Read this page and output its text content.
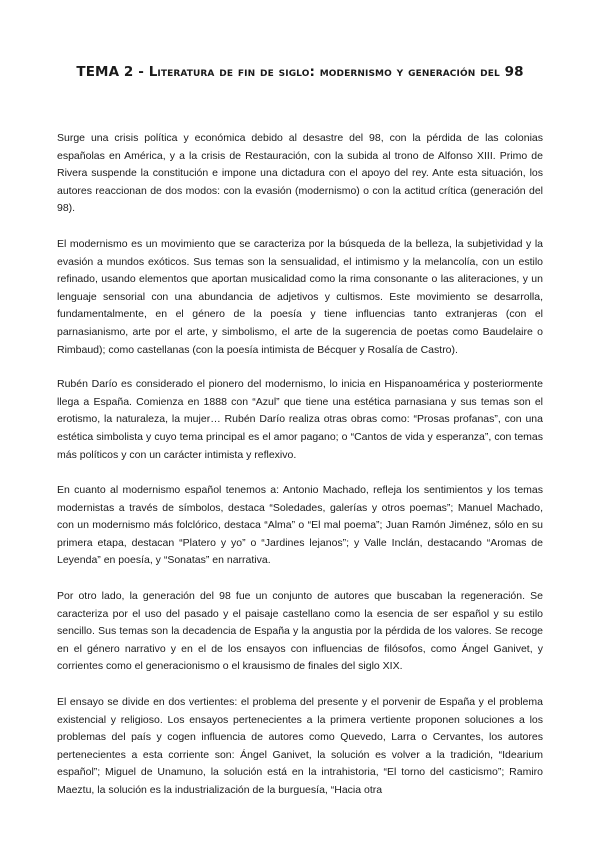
TEMA 2 - Literatura de fin de siglo: modernismo y generación del 98

Surge una crisis política y económica debido al desastre del 98, con la pérdida de las colonias españolas en América, y a la crisis de Restauración, con la subida al trono de Alfonso XIII. Primo de Rivera suspende la constitución e impone una dictadura con el apoyo del rey. Ante esta situación, los autores reaccionan de dos modos: con la evasión (modernismo) o con la actitud crítica (generación del 98).

El modernismo es un movimiento que se caracteriza por la búsqueda de la belleza, la subjetividad y la evasión a mundos exóticos. Sus temas son la sensualidad, el intimismo y la melancolía, con un estilo refinado, usando elementos que aportan musicalidad como la rima consonante o las aliteraciones, y un lenguaje sensorial con una abundancia de adjetivos y cultismos. Este movimiento se desarrolla, fundamentalmente, en el género de la poesía y tiene influencias tanto extranjeras (con el parnasianismo, arte por el arte, y simbolismo, el arte de la sugerencia de poetas como Baudelaire o Rimbaud); como castellanas (con la poesía intimista de Bécquer y Rosalía de Castro).

Rubén Darío es considerado el pionero del modernismo, lo inicia en Hispanoamérica y posteriormente llega a España. Comienza en 1888 con “Azul” que tiene una estética parnasiana y sus temas son el erotismo, la naturaleza, la mujer… Rubén Darío realiza otras obras como: “Prosas profanas”, con una estética simbolista y cuyo tema principal es el amor pagano; o “Cantos de vida y esperanza”, con temas más políticos y con un carácter intimista y reflexivo.

En cuanto al modernismo español tenemos a: Antonio Machado, refleja los sentimientos y los temas modernistas a través de símbolos, destaca “Soledades, galerías y otros poemas”; Manuel Machado, con un modernismo más folclórico, destaca “Alma” o “El mal poema”; Juan Ramón Jiménez, sólo en su primera etapa, destacan “Platero y yo” o “Jardines lejanos”; y Valle Inclán, destacando “Aromas de Leyenda” en poesía, y “Sonatas” en narrativa.

Por otro lado, la generación del 98 fue un conjunto de autores que buscaban la regeneración. Se caracteriza por el uso del pasado y el paisaje castellano como la esencia de ser español y su estilo sencillo. Sus temas son la decadencia de España y la angustia por la pérdida de los valores. Se recoge en el género narrativo y en el de los ensayos con influencias de filósofos, como Ángel Ganivet, y corrientes como el generacionismo o el krausismo de finales del siglo XIX.

El ensayo se divide en dos vertientes: el problema del presente y el porvenir de España y el problema existencial y religioso. Los ensayos pertenecientes a la primera vertiente proponen soluciones a los problemas del país y cogen influencia de autores como Quevedo, Larra o Cervantes, los autores pertenecientes a esta corriente son: Ángel Ganivet, la solución es volver a la tradición, “Idearium español”; Miguel de Unamuno, la solución está en la intrahistoria, “El torno del casticismo”; Ramiro Maeztu, la solución es la industrialización de la burguesía, “Hacia otra
